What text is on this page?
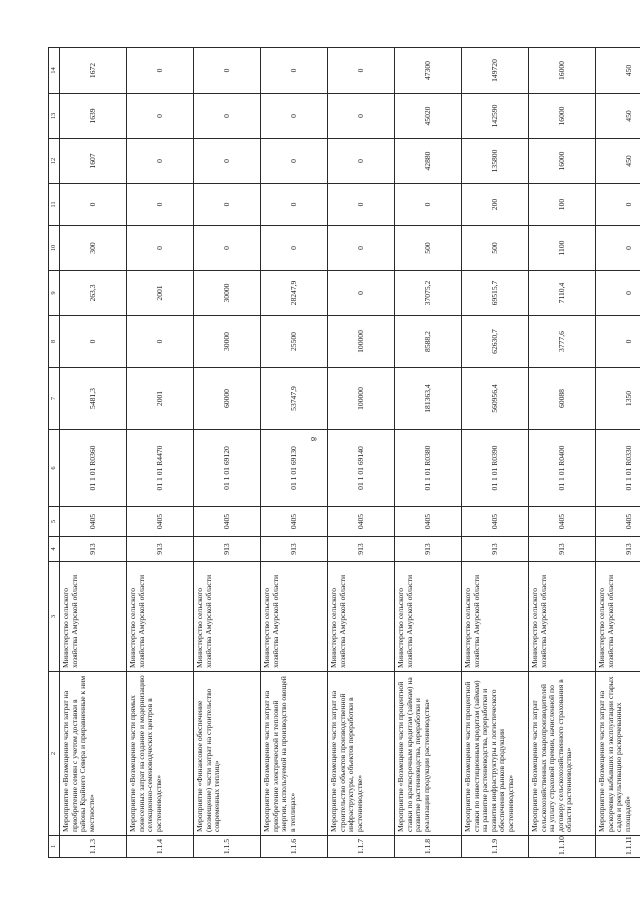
8
1	2	3	4	5	6	7	8	9	10	11	12	13	14
1.1.3	Мероприятие «Возмещение части затрат на приобретение семян с учетом доставки в районы Крайнего Севера и приравненные к ним местности»	Министерство сельского хозяйства Амурской области	913	0405	01 1 01 R0360	5481,3	0	263,3	300	0	1607	1639	1672
1.1.4	Мероприятие «Возмещение части прямых понесенных затрат на создание и модернизацию селекционно-семеноводческих центров в растениеводстве»	Министерство сельского хозяйства Амурской области	913	0405	01 1 01 R4470	2001	0	2001	0	0	0	0	0
1.1.5	Мероприятие «Финансовое обеспечение (возмещение) части затрат на строительство современных теплиц»	Министерство сельского хозяйства Амурской области	913	0405	01 1 01 69120	60000	30000	30000	0	0	0	0	0
1.1.6	Мероприятие «Возмещение части затрат на приобретение электрической и тепловой энергии, используемой на производство овощей в теплицах»	Министерство сельского хозяйства Амурской области	913	0405	01 1 01 69130	53747,9	25500	28247,9	0	0	0	0	0
1.1.7	Мероприятие «Возмещение части затрат на строительство объектов производственной инфраструктуры, объектов переработки в растениеводстве»	Министерство сельского хозяйства Амурской области	913	0405	01 1 01 69140	100000	100000	0	0	0	0	0	0
1.1.8	Мероприятие «Возмещение части процентной ставки по краткосрочным кредитам (займам) на развитие растениеводства, переработки и реализации продукции растениеводства»	Министерство сельского хозяйства Амурской области	913	0405	01 1 01 R0380	181363,4	8588,2	37075,2	500	0	42880	45020	47300
1.1.9	Мероприятие «Возмещение части процентной ставки по инвестиционным кредитам (займам) на развитие растениеводства, переработки и развития инфраструктуры и логистического обеспечения рынков продукции растениеводства»	Министерство сельского хозяйства Амурской области	913	0405	01 1 01 R0390	560956,4	62630,7	69515,7	500	200	135800	142590	149720
1.1.10	Мероприятие «Возмещение части затрат сельскохозяйственных товаропроизводителей на уплату страховой премии, начисленной по договору сельскохозяйственного страхования в области растениеводства»	Министерство сельского хозяйства Амурской области	913	0405	01 1 01 R0400	60088	3777,6	7110,4	1100	100	16000	16000	16000
1.1.11	Мероприятие «Возмещение части затрат на раскорчевку выбывших из эксплуатации старых садов и рекультивацию раскорчеванных площадей»	Министерство сельского хозяйства Амурской области	913	0405	01 1 01 R0330	1350	0	0	0	0	450	450	450
